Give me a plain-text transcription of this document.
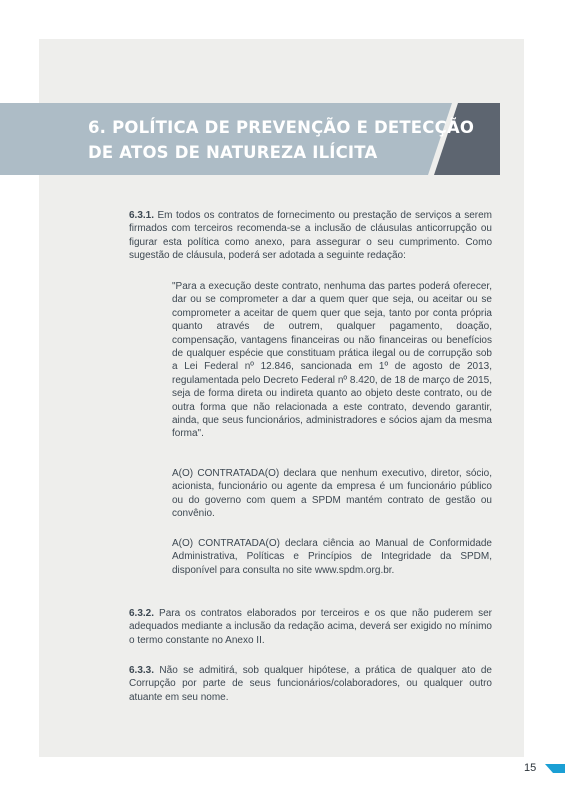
6. POLÍTICA DE PREVENÇÃO E DETECÇÃO
DE ATOS DE NATUREZA ILÍCITA

6.3.1. Em todos os contratos de fornecimento ou prestação de serviços a serem firmados com terceiros recomenda-se a inclusão de cláusulas anticorrupção ou figurar esta política como anexo, para assegurar o seu cumprimento. Como sugestão de cláusula, poderá ser adotada a seguinte redação:

"Para a execução deste contrato, nenhuma das partes poderá oferecer, dar ou se comprometer a dar a quem quer que seja, ou aceitar ou se comprometer a aceitar de quem quer que seja, tanto por conta própria quanto através de outrem, qualquer pagamento, doação, compensação, vantagens financeiras ou não financeiras ou benefícios de qualquer espécie que constituam prática ilegal ou de corrupção sob a Lei Federal nº 12.846, sancionada em 1º de agosto de 2013, regulamentada pelo Decreto Federal nº 8.420, de 18 de março de 2015, seja de forma direta ou indireta quanto ao objeto deste contrato, ou de outra forma que não relacionada a este contrato, devendo garantir, ainda, que seus funcionários, administradores e sócios ajam da mesma forma".

A(O) CONTRATADA(O) declara que nenhum executivo, diretor, sócio, acionista, funcionário ou agente da empresa é um funcionário público ou do governo com quem a SPDM mantém contrato de gestão ou convênio.

A(O) CONTRATADA(O) declara ciência ao Manual de Conformidade Administrativa, Políticas e Princípios de Integridade da SPDM, disponível para consulta no site www.spdm.org.br.

6.3.2. Para os contratos elaborados por terceiros e os que não puderem ser adequados mediante a inclusão da redação acima, deverá ser exigido no mínimo o termo constante no Anexo II.

6.3.3. Não se admitirá, sob qualquer hipótese, a prática de qualquer ato de Corrupção por parte de seus funcionários/colaboradores, ou qualquer outro atuante em seu nome.

15
